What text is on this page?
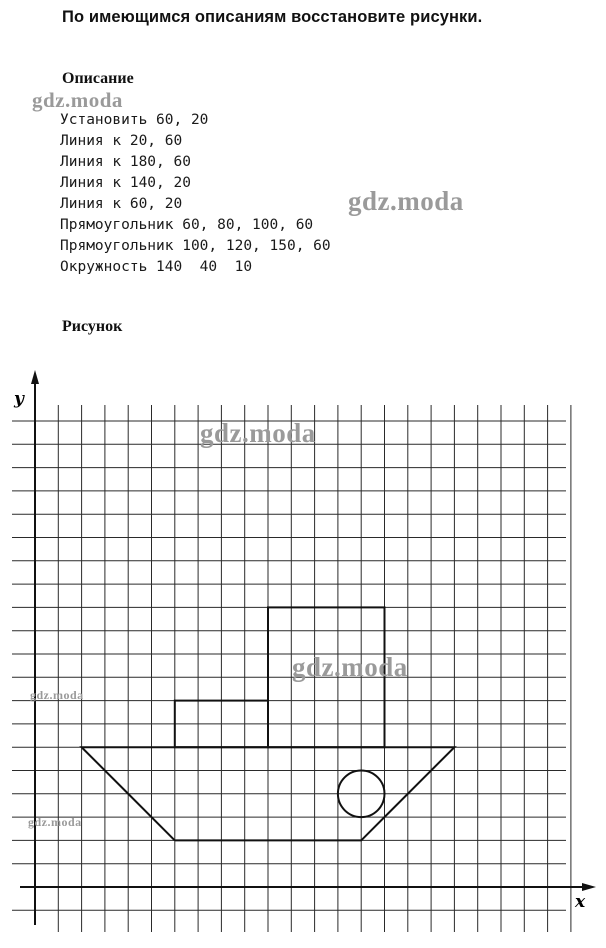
По имеющимся описаниям восстановите рисунки.
Описание
Установить 60, 20
Линия к 20, 60
Линия к 180, 60
Линия к 140, 20
Линия к 60, 20
Прямоугольник 60, 80, 100, 60
Прямоугольник 100, 120, 150, 60
Окружность 140  40  10
Рисунок
y
x
gdz.moda
gdz.moda
gdz.moda
gdz.moda
gdz.moda
gdz.moda
